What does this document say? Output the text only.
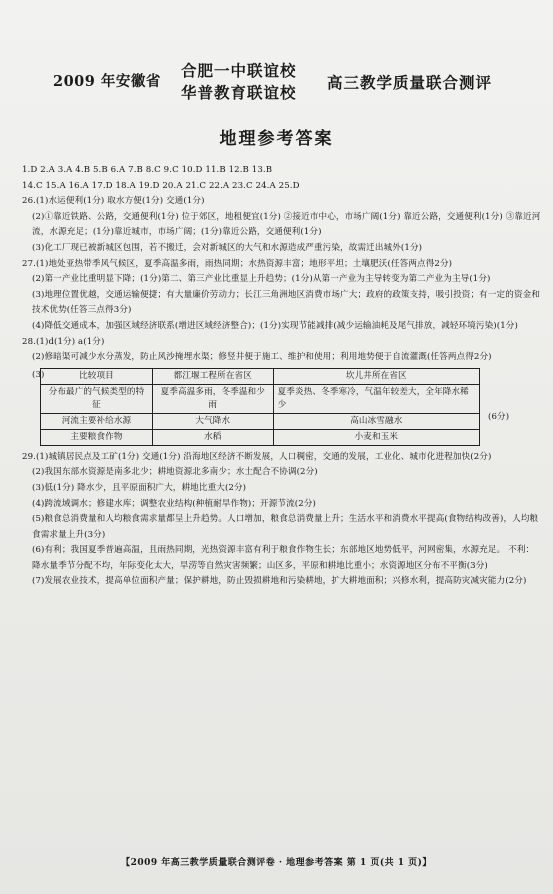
2009 年安徽省
合肥一中联谊校
华普教育联谊校
高三教学质量联合测评
地理参考答案

1.D 2.A 3.A 4.B 5.B 6.A 7.B 8.C 9.C 10.D 11.B 12.B 13.B

14.C 15.A 16.A 17.D 18.A 19.D 20.A 21.C 22.A 23.C 24.A 25.D

26.(1)水运便利(1分) 取水方便(1分) 交通(1分)

(2)①靠近铁路、公路，交通便利(1分) 位于郊区，地租便宜(1分) ②接近市中心，市场广阔(1分) 靠近公路，交通便利(1分) ③靠近河流，水源充足；(1分)靠近城市，市场广阔；(1分)靠近公路，交通便利(1分)

(3)化工厂现已被新城区包围，若不搬迁，会对新城区的大气和水源造成严重污染，故需迁出城外(1分)

27.(1)地处亚热带季风气候区，夏季高温多雨，雨热同期；水热资源丰富；地形平坦；土壤肥沃(任答两点得2分)

(2)第一产业比重明显下降；(1分)第二、第三产业比重显上升趋势；(1分)从第一产业为主导转变为第二产业为主导(1分)

(3)地理位置优越，交通运输便捷；有大量廉价劳动力；长江三角洲地区消费市场广大；政府的政策支持，吸引投资；有一定的资金和技术优势(任答三点得3分)

(4)降低交通成本，加强区域经济联系(增进区域经济整合)；(1分)实现节能减排(减少运输油耗及尾气排放，减轻环境污染)(1分)

28.(1)d(1分) a(1分)

(2)修暗渠可减少水分蒸发，防止风沙掩埋水渠；修竖井便于施工、维护和使用；利用地势便于自流灌溉(任答两点得2分)

(3)	比较项目	都江堰工程所在省区	坎儿井所在省区
分布最广的气候类型的特征	夏季高温多雨，冬季温和少雨	夏季炎热、冬季寒冷，气温年较差大，全年降水稀少
河流主要补给水源	大气降水	高山冰雪融水
主要粮食作物	水稻	小麦和玉米
(6分)

29.(1)城镇居民点及工矿(1分) 交通(1分) 沿海地区经济不断发展，人口稠密，交通的发展，工业化、城市化进程加快(2分)

(2)我国东部水资源是南多北少；耕地资源北多南少；水土配合不协调(2分)

(3)低(1分) 降水少，且平原面积广大，耕地比重大(2分)

(4)跨流域调水；修建水库；调整农业结构(种植耐旱作物)；开源节流(2分)

(5)粮食总消费量和人均粮食需求量都呈上升趋势。人口增加，粮食总消费量上升；生活水平和消费水平提高(食物结构改善)，人均粮食需求量上升(3分)

(6)有利；我国夏季普遍高温，且雨热同期，光热资源丰富有利于粮食作物生长；东部地区地势低平，河网密集，水源充足。 不利：降水量季节分配不均，年际变化太大，旱涝等自然灾害频繁；山区多，平原和耕地比重小；水资源地区分布不平衡(3分)

(7)发展农业技术，提高单位面积产量；保护耕地，防止毁损耕地和污染耕地，扩大耕地面积；兴修水利，提高防灾减灾能力(2分)

【2009 年高三教学质量联合测评卷 · 地理参考答案 第 1 页(共 1 页)】
